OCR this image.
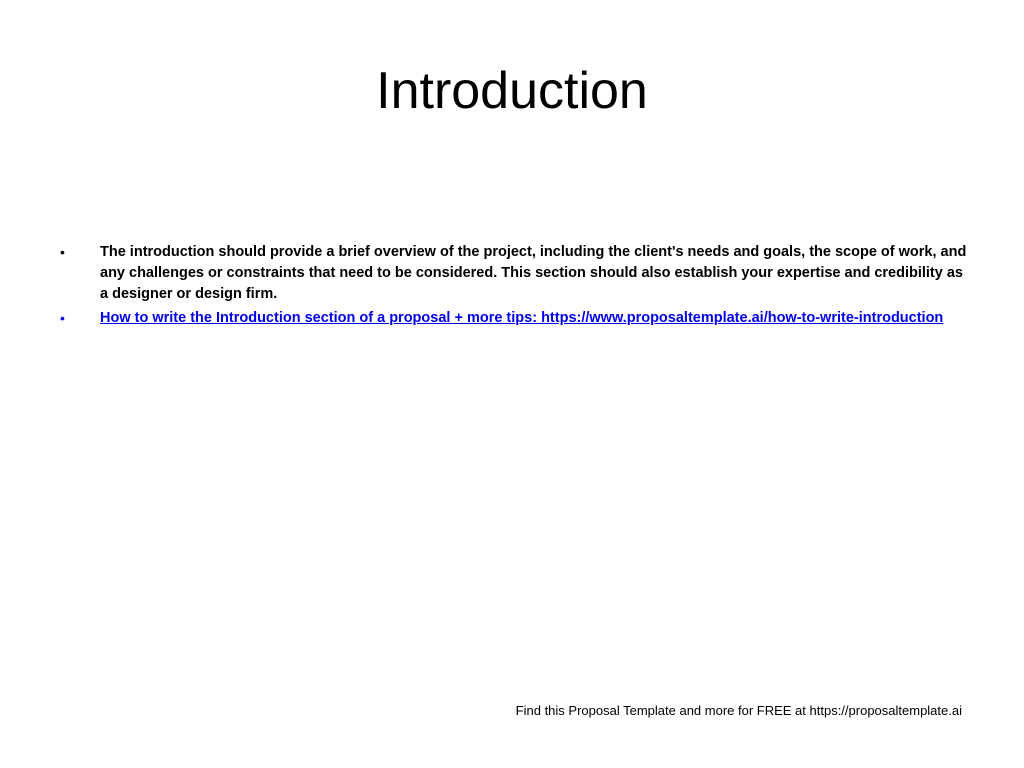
Introduction
• The introduction should provide a brief overview of the project, including the client's needs and goals, the scope of work, and any challenges or constraints that need to be considered. This section should also establish your expertise and credibility as a designer or design firm.
• How to write the Introduction section of a proposal + more tips: https://www.proposaltemplate.ai/how-to-write-introduction
Find this Proposal Template and more for FREE at https://proposaltemplate.ai
